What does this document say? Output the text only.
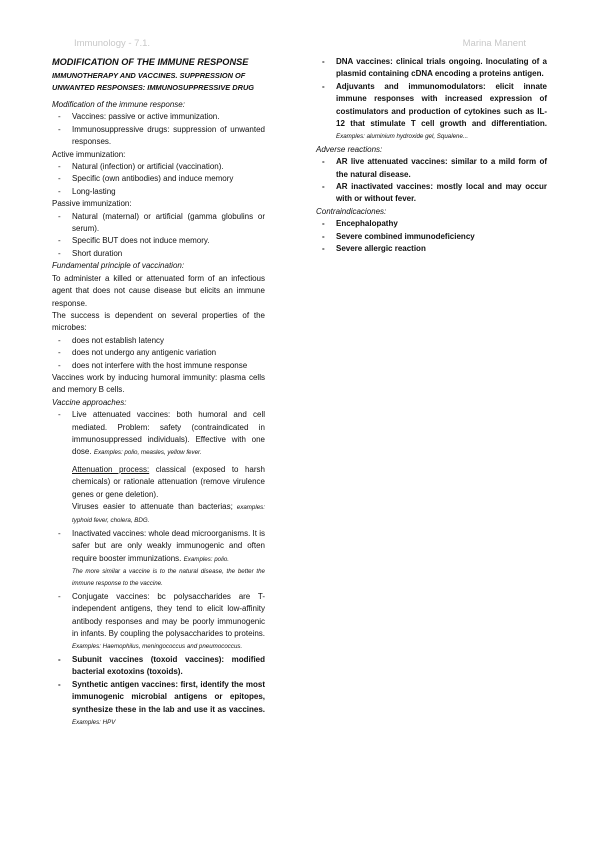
Immunology - 7.1.	Marina Manent
MODIFICATION OF THE IMMUNE RESPONSE
IMMUNOTHERAPY AND VACCINES. SUPPRESSION OF UNWANTED RESPONSES: IMMUNOSUPPRESSIVE DRUG
Modification of the immune response:
- Vaccines: passive or active immunization.
- Immunosuppressive drugs: suppression of unwanted responses.
Active immunization:
- Natural (infection) or artificial (vaccination).
- Specific (own antibodies) and induce memory
- Long-lasting
Passive immunization:
- Natural (maternal) or artificial (gamma globulins or serum).
- Specific BUT does not induce memory.
- Short duration
Fundamental principle of vaccination:
To administer a killed or attenuated form of an infectious agent that does not cause disease but elicits an immune response.
The success is dependent on several properties of the microbes:
- does not establish latency
- does not undergo any antigenic variation
- does not interfere with the host immune response
Vaccines work by inducing humoral immunity: plasma cells and memory B cells.
Vaccine approaches:
- Live attenuated vaccines: both humoral and cell mediated. Problem: safety (contraindicated in immunosuppressed individuals). Effective with one dose. Examples: polio, measles, yellow fever.
Attenuation process: classical (exposed to harsh chemicals) or rationale attenuation (remove virulence genes or gene deletion).
Viruses easier to attenuate than bacterias; examples: typhoid fever, cholera, BDG.
- Inactivated vaccines: whole dead microorganisms. It is safer but are only weakly immunogenic and often require booster immunizations. Examples: polio.
The more similar a vaccine is to the natural disease, the better the immune response to the vaccine.
- Conjugate vaccines: bc polysaccharides are T-independent antigens, they tend to elicit low-affinity antibody responses and may be poorly immunogenic in infants. By coupling the polysaccharides to proteins. Examples: Haemophilus, meningococcus and pneumococcus.
- Subunit vaccines (toxoid vaccines): modified bacterial exotoxins (toxoids).
- Synthetic antigen vaccines: first, identify the most immunogenic microbial antigens or epitopes, synthesize these in the lab and use it as vaccines. Examples: HPV
- DNA vaccines: clinical trials ongoing. Inoculating of a plasmid containing cDNA encoding a proteins antigen.
- Adjuvants and immunomodulators: elicit innate immune responses with increased expression of costimulators and production of cytokines such as IL-12 that stimulate T cell growth and differentiation. Examples: aluminium hydroxide gel, Squalene...
Adverse reactions:
- AR live attenuated vaccines: similar to a mild form of the natural disease.
- AR inactivated vaccines: mostly local and may occur with or without fever.
Contraindicaciones:
- Encephalopathy
- Severe combined immunodeficiency
- Severe allergic reaction
